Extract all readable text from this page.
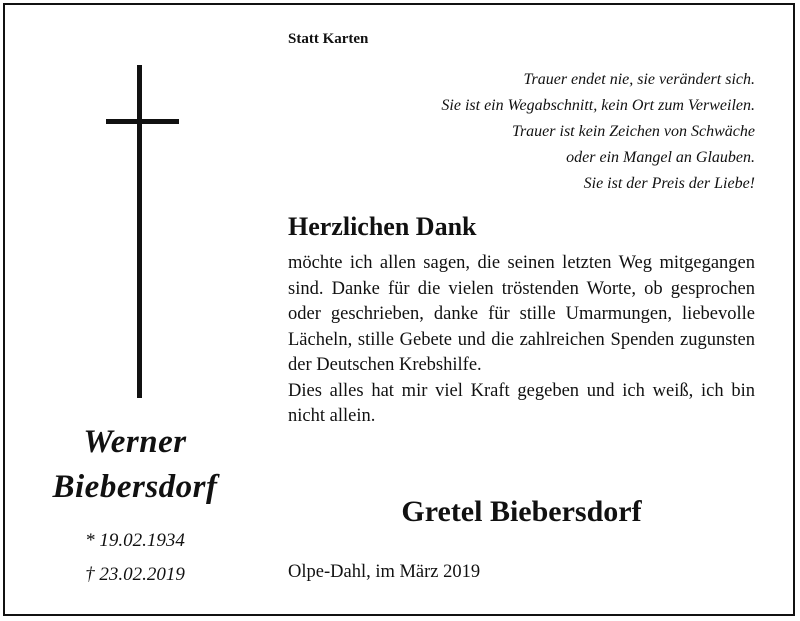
Werner
Biebersdorf
* 19.02.1934
† 23.02.2019
Statt Karten
Trauer endet nie, sie verändert sich.
Sie ist ein Wegabschnitt, kein Ort zum Verweilen.
Trauer ist kein Zeichen von Schwäche
oder ein Mangel an Glauben.
Sie ist der Preis der Liebe!
Herzlichen Dank

möchte ich allen sagen, die seinen letzten Weg mitgegangen sind. Danke für die vielen tröstenden Worte, ob gesprochen oder geschrieben, danke für stille Umarmungen, liebevolle Lächeln, stille Gebete und die zahlreichen Spenden zugunsten der Deutschen Krebshilfe.

Dies alles hat mir viel Kraft gegeben und ich weiß, ich bin nicht allein.

Gretel Biebersdorf
Olpe-Dahl, im März 2019
